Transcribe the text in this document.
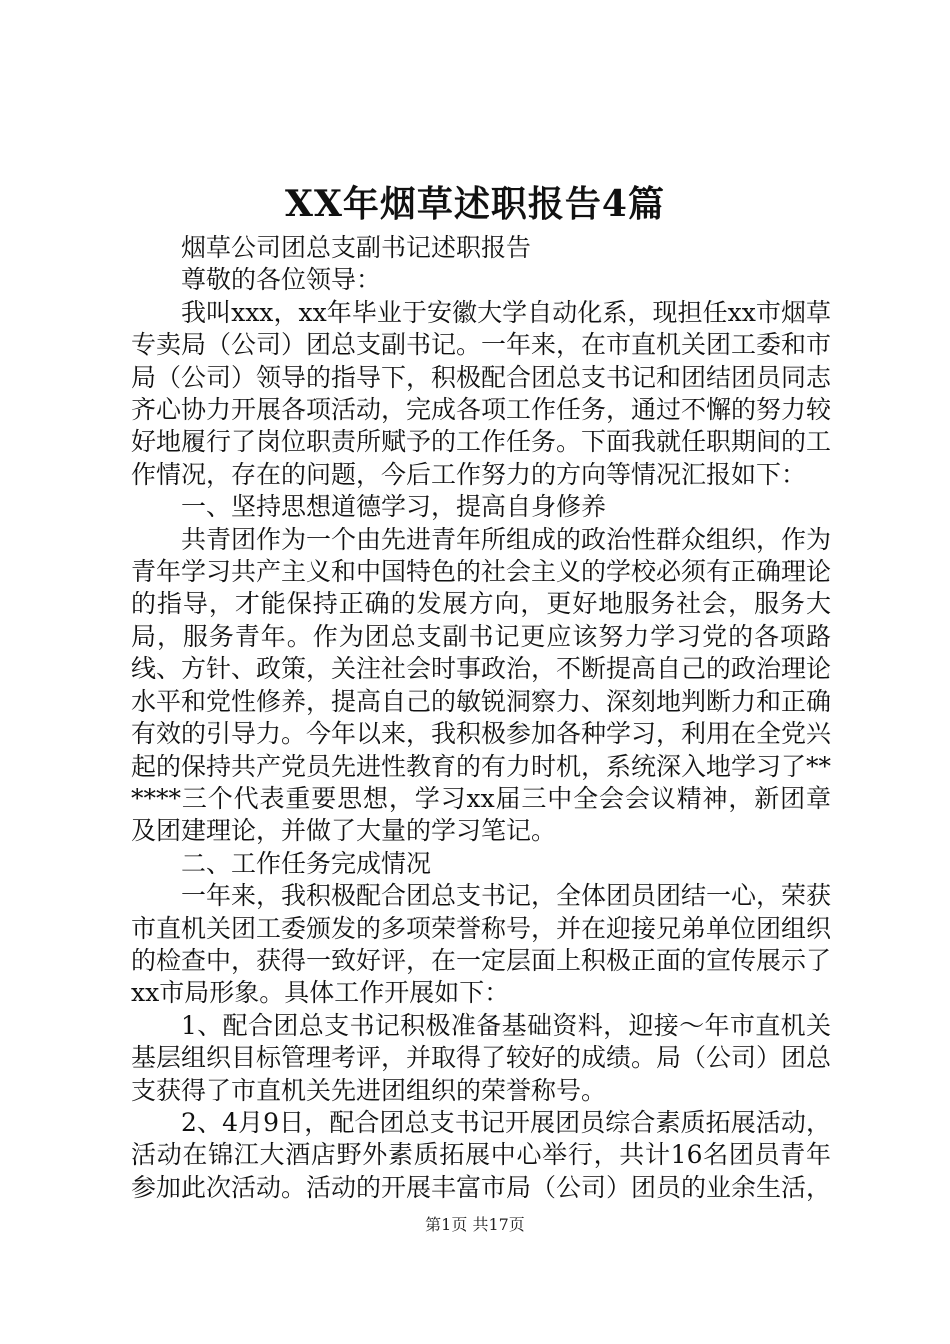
XX年烟草述职报告4篇

烟草公司团总支副书记述职报告

尊敬的各位领导：

我叫xxx，xx年毕业于安徽大学自动化系，现担任xx市烟草专卖局（公司）团总支副书记。一年来，在市直机关团工委和市局（公司）领导的指导下，积极配合团总支书记和团结团员同志齐心协力开展各项活动，完成各项工作任务，通过不懈的努力较好地履行了岗位职责所赋予的工作任务。下面我就任职期间的工作情况，存在的问题，今后工作努力的方向等情况汇报如下：

一、坚持思想道德学习，提高自身修养

共青团作为一个由先进青年所组成的政治性群众组织，作为青年学习共产主义和中国特色的社会主义的学校必须有正确理论的指导，才能保持正确的发展方向，更好地服务社会，服务大局，服务青年。作为团总支副书记更应该努力学习党的各项路线、方针、政策，关注社会时事政治，不断提高自己的政治理论水平和党性修养，提高自己的敏锐洞察力、深刻地判断力和正确有效的引导力。今年以来，我积极参加各种学习，利用在全党兴起的保持共产党员先进性教育的有力时机，系统深入地学习了******三个代表重要思想，学习xx届三中全会会议精神，新团章及团建理论，并做了大量的学习笔记。

二、工作任务完成情况

一年来，我积极配合团总支书记，全体团员团结一心，荣获市直机关团工委颁发的多项荣誉称号，并在迎接兄弟单位团组织的检查中，获得一致好评，在一定层面上积极正面的宣传展示了xx市局形象。具体工作开展如下：

1、配合团总支书记积极准备基础资料，迎接～年市直机关基层组织目标管理考评，并取得了较好的成绩。局（公司）团总支获得了市直机关先进团组织的荣誉称号。

2、4月9日，配合团总支书记开展团员综合素质拓展活动，活动在锦江大酒店野外素质拓展中心举行，共计16名团员青年参加此次活动。活动的开展丰富市局（公司）团员的业余生活，

第1页 共17页
